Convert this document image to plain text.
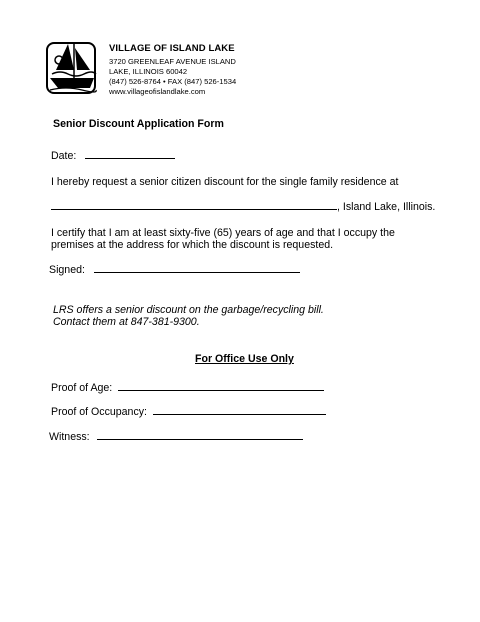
VILLAGE OF ISLAND LAKE
3720 GREENLEAF AVENUE ISLAND
LAKE, ILLINOIS 60042
(847) 526-8764 • FAX (847) 526-1534
www.villageofislandlake.com
Senior Discount Application Form
Date:
I hereby request a senior citizen discount for the single family residence at
, Island Lake, Illinois.
I certify that I am at least sixty-five (65) years of age and that I occupy the
premises at the address for which the discount is requested.
Signed:
LRS offers a senior discount on the garbage/recycling bill.
Contact them at 847-381-9300.
For Office Use Only
Proof of Age:
Proof of Occupancy:
Witness:
